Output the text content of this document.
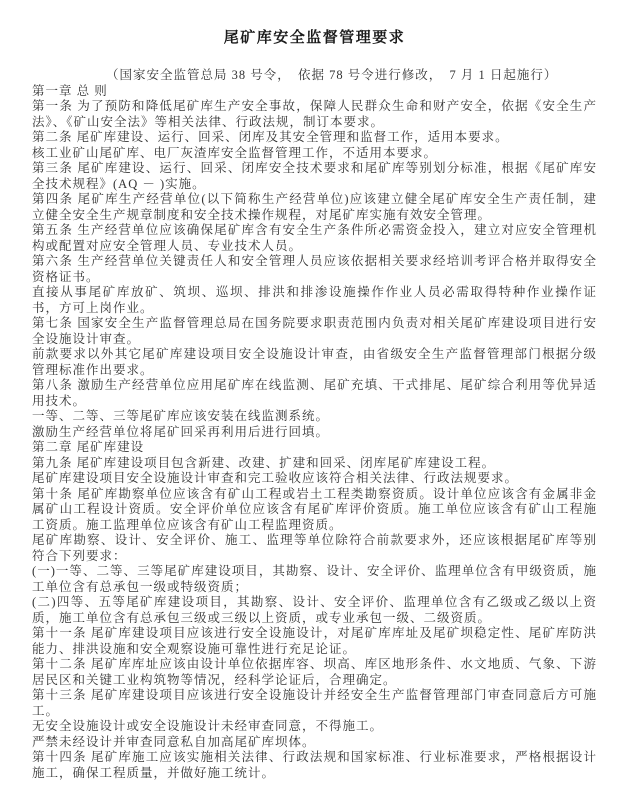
尾矿库安全监督管理要求

（国家安全监管总局 38 号令，　依据 78 号令进行修改，　7 月 1 日起施行）

第一章 总 则

第一条 为了预防和降低尾矿库生产安全事故，保障人民群众生命和财产安全，依据《安全生产法》、《矿山安全法》等相关法律、行政法规，制订本要求。

第二条 尾矿库建设、运行、回采、闭库及其安全管理和监督工作，适用本要求。

核工业矿山尾矿库、电厂灰渣库安全监督管理工作，不适用本要求。

第三条 尾矿库建设、运行、回采、闭库安全技术要求和尾矿库等别划分标准，根据《尾矿库安全技术规程》(AQ － )实施。

第四条 尾矿库生产经营单位(以下简称生产经营单位)应该建立健全尾矿库安全生产责任制，建立健全安全生产规章制度和安全技术操作规程，对尾矿库实施有效安全管理。

第五条 生产经营单位应该确保尾矿库含有安全生产条件所必需资金投入，建立对应安全管理机构或配置对应安全管理人员、专业技术人员。

第六条 生产经营单位关键责任人和安全管理人员应该依据相关要求经培训考评合格并取得安全资格证书。

直接从事尾矿库放矿、筑坝、巡坝、排洪和排渗设施操作作业人员必需取得特种作业操作证书，方可上岗作业。

第七条 国家安全生产监督管理总局在国务院要求职责范围内负责对相关尾矿库建设项目进行安全设施设计审查。

前款要求以外其它尾矿库建设项目安全设施设计审查，由省级安全生产监督管理部门根据分级管理标准作出要求。

第八条 激励生产经营单位应用尾矿库在线监测、尾矿充填、干式排尾、尾矿综合利用等优异适用技术。

一等、二等、三等尾矿库应该安装在线监测系统。

激励生产经营单位将尾矿回采再利用后进行回填。

第二章 尾矿库建设

第九条 尾矿库建设项目包含新建、改建、扩建和回采、闭库尾矿库建设工程。

尾矿库建设项目安全设施设计审查和完工验收应该符合相关法律、行政法规要求。

第十条 尾矿库勘察单位应该含有矿山工程或岩土工程类勘察资质。设计单位应该含有金属非金属矿山工程设计资质。安全评价单位应该含有尾矿库评价资质。施工单位应该含有矿山工程施工资质。施工监理单位应该含有矿山工程监理资质。

尾矿库勘察、设计、安全评价、施工、监理等单位除符合前款要求外，还应该根据尾矿库等别符合下列要求：

(一)一等、二等、三等尾矿库建设项目，其勘察、设计、安全评价、监理单位含有甲级资质，施工单位含有总承包一级或特级资质；

(二)四等、五等尾矿库建设项目，其勘察、设计、安全评价、监理单位含有乙级或乙级以上资质，施工单位含有总承包三级或三级以上资质，或专业承包一级、二级资质。

第十一条 尾矿库建设项目应该进行安全设施设计，对尾矿库库址及尾矿坝稳定性、尾矿库防洪能力、排洪设施和安全观察设施可靠性进行充足论证。

第十二条 尾矿库库址应该由设计单位依据库容、坝高、库区地形条件、水文地质、气象、下游居民区和关键工业构筑物等情况，经科学论证后，合理确定。

第十三条 尾矿库建设项目应该进行安全设施设计并经安全生产监督管理部门审查同意后方可施工。

无安全设施设计或安全设施设计未经审查同意，不得施工。

严禁未经设计并审查同意私自加高尾矿库坝体。

第十四条 尾矿库施工应该实施相关法律、行政法规和国家标准、行业标准要求，严格根据设计施工，确保工程质量，并做好施工统计。
